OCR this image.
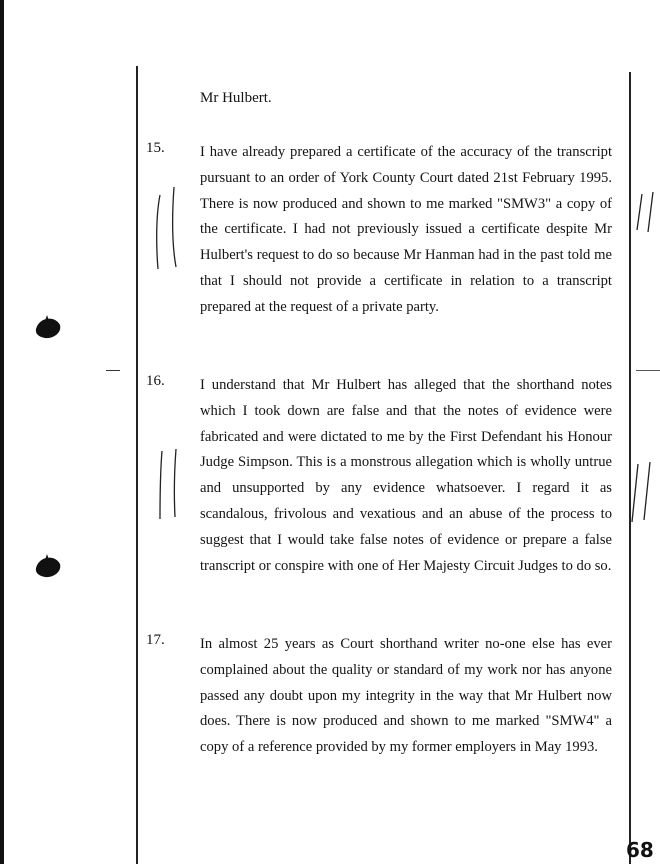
Mr Hulbert.
15. I have already prepared a certificate of the accuracy of the transcript pursuant to an order of York County Court dated 21st February 1995. There is now produced and shown to me marked "SMW3" a copy of the certificate. I had not previously issued a certificate despite Mr Hulbert's request to do so because Mr Hanman had in the past told me that I should not provide a certificate in relation to a transcript prepared at the request of a private party.

16. I understand that Mr Hulbert has alleged that the shorthand notes which I took down are false and that the notes of evidence were fabricated and were dictated to me by the First Defendant his Honour Judge Simpson. This is a monstrous allegation which is wholly untrue and unsupported by any evidence whatsoever. I regard it as scandalous, frivolous and vexatious and an abuse of the process to suggest that I would take false notes of evidence or prepare a false transcript or conspire with one of Her Majesty Circuit Judges to do so.

17. In almost 25 years as Court shorthand writer no-one else has ever complained about the quality or standard of my work nor has anyone passed any doubt upon my integrity in the way that Mr Hulbert now does. There is now produced and shown to me marked "SMW4" a copy of a reference provided by my former employers in May 1993.

68
